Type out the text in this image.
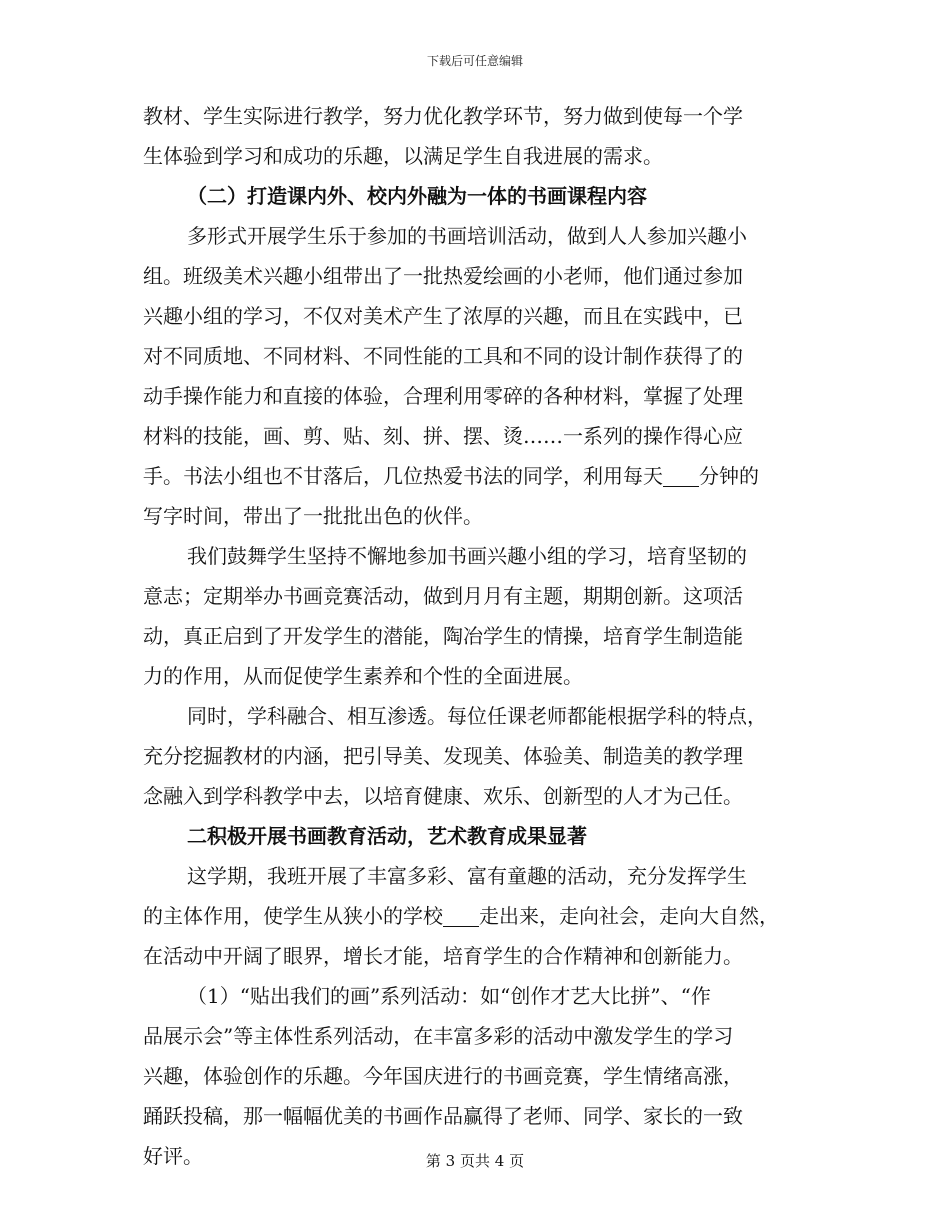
下载后可任意编辑
教材、学生实际进行教学，努力优化教学环节，努力做到使每一个学
生体验到学习和成功的乐趣，以满足学生自我进展的需求。
（二）打造课内外、校内外融为一体的书画课程内容
多形式开展学生乐于参加的书画培训活动，做到人人参加兴趣小
组。班级美术兴趣小组带出了一批热爱绘画的小老师，他们通过参加
兴趣小组的学习，不仅对美术产生了浓厚的兴趣，而且在实践中，已
对不同质地、不同材料、不同性能的工具和不同的设计制作获得了的
动手操作能力和直接的体验，合理利用零碎的各种材料，掌握了处理
材料的技能，画、剪、贴、刻、拼、摆、烫……一系列的操作得心应
手。书法小组也不甘落后，几位热爱书法的同学，利用每天 分钟的
写字时间，带出了一批批出色的伙伴。
我们鼓舞学生坚持不懈地参加书画兴趣小组的学习，培育坚韧的
意志；定期举办书画竞赛活动，做到月月有主题，期期创新。这项活
动，真正启到了开发学生的潜能，陶冶学生的情操，培育学生制造能
力的作用，从而促使学生素养和个性的全面进展。
同时，学科融合、相互渗透。每位任课老师都能根据学科的特点，
充分挖掘教材的内涵，把引导美、发现美、体验美、制造美的教学理
念融入到学科教学中去，以培育健康、欢乐、创新型的人才为己任。
二积极开展书画教育活动，艺术教育成果显著
这学期，我班开展了丰富多彩、富有童趣的活动，充分发挥学生
的主体作用，使学生从狭小的学校 走出来，走向社会，走向大自然，
在活动中开阔了眼界，增长才能，培育学生的合作精神和创新能力。
（1）“贴出我们的画”系列活动：如“创作才艺大比拼”、“作
品展示会”等主体性系列活动，在丰富多彩的活动中激发学生的学习
兴趣，体验创作的乐趣。今年国庆进行的书画竞赛，学生情绪高涨，
踊跃投稿，那一幅幅优美的书画作品赢得了老师、同学、家长的一致
好评。	第 3 页共 4 页
